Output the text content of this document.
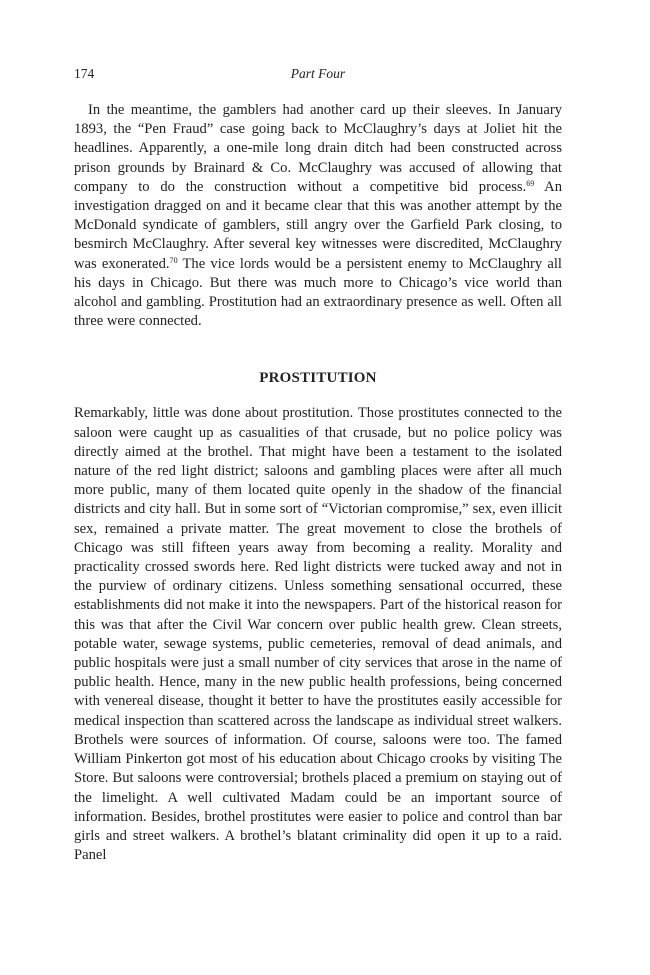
174	Part Four

In the meantime, the gamblers had another card up their sleeves. In January 1893, the “Pen Fraud” case going back to McClaughry’s days at Joliet hit the headlines. Apparently, a one-mile long drain ditch had been constructed across prison grounds by Brainard & Co. McClaughry was accused of allowing that company to do the construction without a competitive bid process.$^{69}$ An investigation dragged on and it became clear that this was another attempt by the McDonald syndicate of gamblers, still angry over the Garfield Park closing, to besmirch McClaughry. After several key witnesses were discredited, McClaughry was exonerated.$^{70}$ The vice lords would be a persistent enemy to McClaughry all his days in Chicago. But there was much more to Chicago’s vice world than alcohol and gambling. Prostitution had an extraordinary presence as well. Often all three were connected.

PROSTITUTION

Remarkably, little was done about prostitution. Those prostitutes connected to the saloon were caught up as casualities of that crusade, but no police policy was directly aimed at the brothel. That might have been a testament to the isolated nature of the red light district; saloons and gambling places were after all much more public, many of them located quite openly in the shadow of the financial districts and city hall. But in some sort of “Victorian compromise,” sex, even illicit sex, remained a private matter. The great movement to close the brothels of Chicago was still fifteen years away from becoming a reality. Morality and practicality crossed swords here. Red light districts were tucked away and not in the purview of ordinary citizens. Unless something sensational occurred, these establishments did not make it into the newspapers. Part of the historical reason for this was that after the Civil War concern over public health grew. Clean streets, potable water, sewage systems, public cemeteries, removal of dead animals, and public hospitals were just a small number of city services that arose in the name of public health. Hence, many in the new public health professions, being concerned with venereal disease, thought it better to have the prostitutes easily accessible for medical inspection than scattered across the landscape as individual street walkers. Brothels were sources of information. Of course, saloons were too. The famed William Pinkerton got most of his education about Chicago crooks by visiting The Store. But saloons were controversial; brothels placed a premium on staying out of the limelight. A well cultivated Madam could be an important source of information. Besides, brothel prostitutes were easier to police and control than bar girls and street walkers. A brothel’s blatant criminality did open it up to a raid. Panel
